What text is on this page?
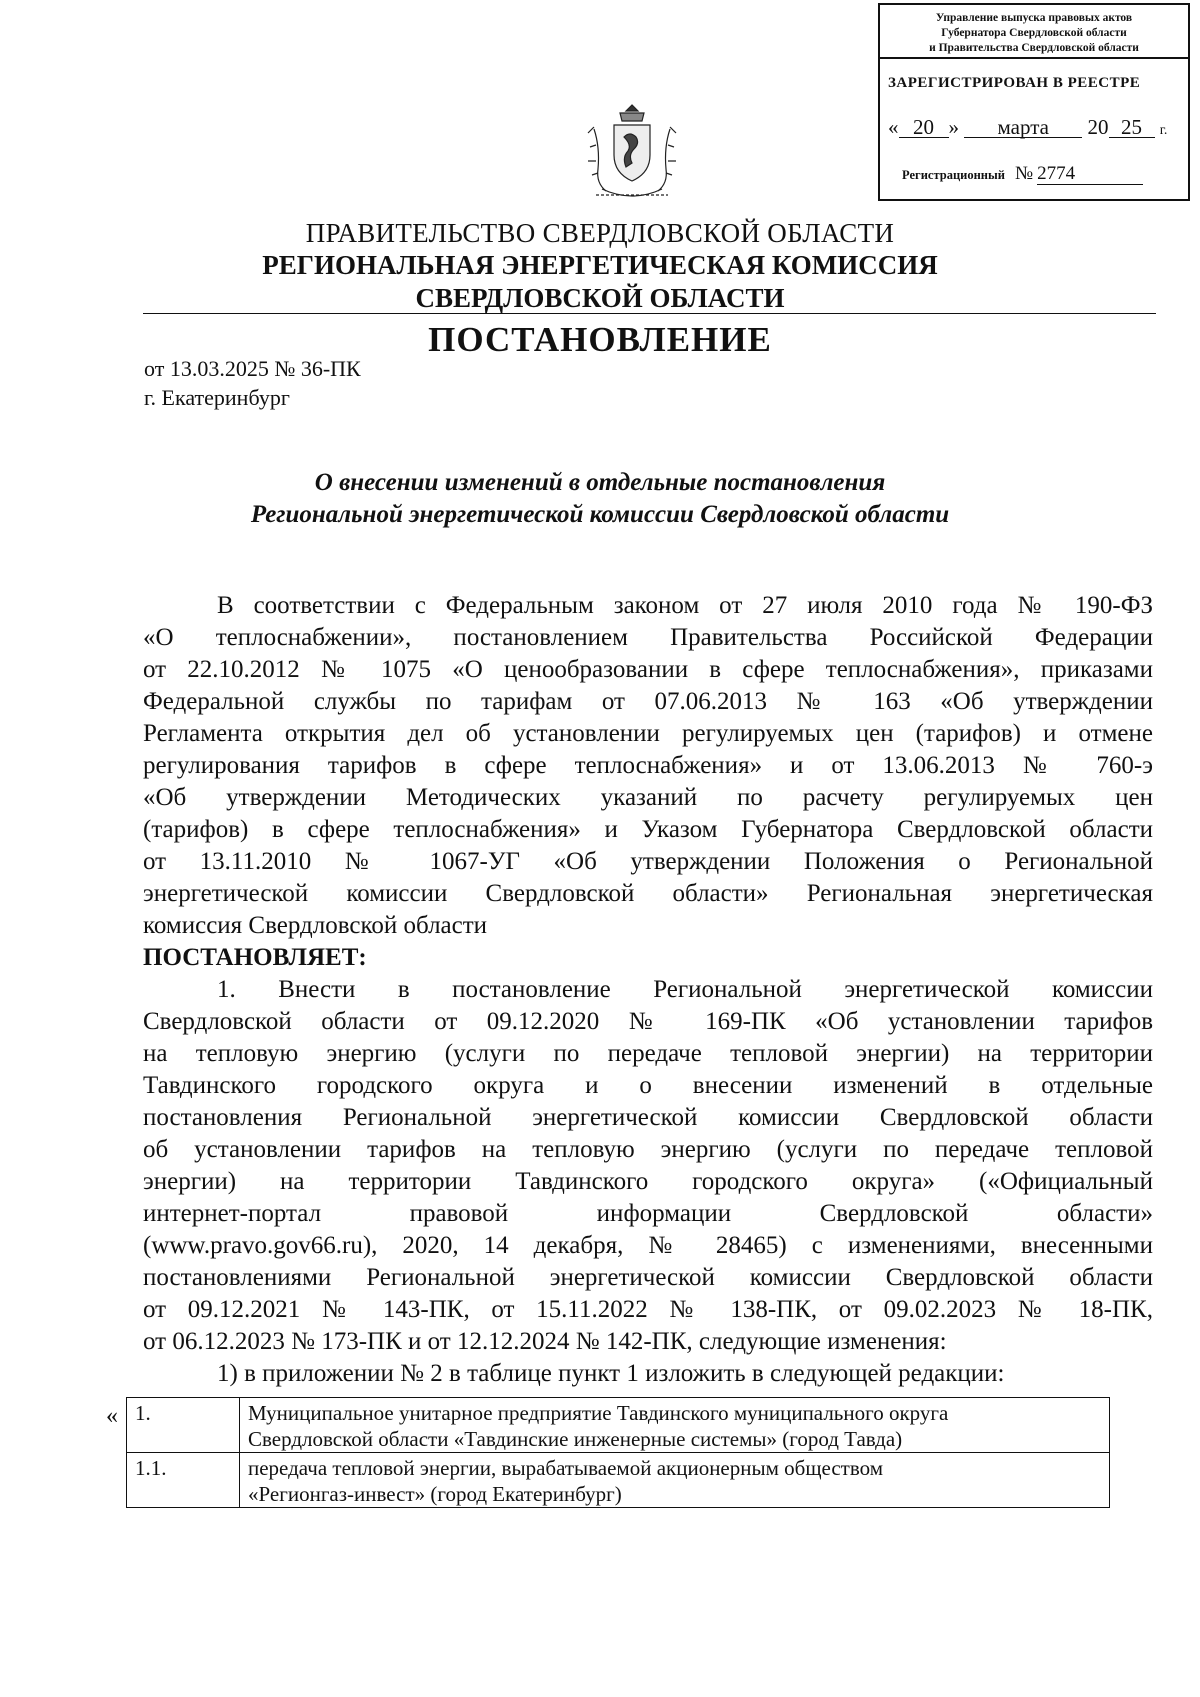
Управление выпуска правовых актов
Губернатора Свердловской области
и Правительства Свердловской области
ЗАРЕГИСТРИРОВАН В РЕЕСТРЕ
« 20 » марта 20 25 г.
Регистрационный № 2774
ПРАВИТЕЛЬСТВО СВЕРДЛОВСКОЙ ОБЛАСТИ
РЕГИОНАЛЬНАЯ ЭНЕРГЕТИЧЕСКАЯ КОМИССИЯ
СВЕРДЛОВСКОЙ ОБЛАСТИ
ПОСТАНОВЛЕНИЕ
от 13.03.2025 № 36-ПК
г. Екатеринбург
О внесении изменений в отдельные постановления
Региональной энергетической комиссии Свердловской области

В соответствии с Федеральным законом от 27 июля 2010 года № 190-ФЗ

«О теплоснабжении», постановлением Правительства Российской Федерации

от 22.10.2012 № 1075 «О ценообразовании в сфере теплоснабжения», приказами

Федеральной службы по тарифам от 07.06.2013 № 163 «Об утверждении

Регламента открытия дел об установлении регулируемых цен (тарифов) и отмене

регулирования тарифов в сфере теплоснабжения» и от 13.06.2013 № 760-э

«Об утверждении Методических указаний по расчету регулируемых цен

(тарифов) в сфере теплоснабжения» и Указом Губернатора Свердловской области

от 13.11.2010 № 1067-УГ «Об утверждении Положения о Региональной

энергетической комиссии Свердловской области» Региональная энергетическая

комиссия Свердловской области

ПОСТАНОВЛЯЕТ:

1. Внести в постановление Региональной энергетической комиссии

Свердловской области от 09.12.2020 № 169-ПК «Об установлении тарифов

на тепловую энергию (услуги по передаче тепловой энергии) на территории

Тавдинского городского округа и о внесении изменений в отдельные

постановления Региональной энергетической комиссии Свердловской области

об установлении тарифов на тепловую энергию (услуги по передаче тепловой

энергии) на территории Тавдинского городского округа» («Официальный

интернет-портал правовой информации Свердловской области»

(www.pravo.gov66.ru), 2020, 14 декабря, № 28465) с изменениями, внесенными

постановлениями Региональной энергетической комиссии Свердловской области

от 09.12.2021 № 143-ПК, от 15.11.2022 № 138-ПК, от 09.02.2023 № 18-ПК,

от 06.12.2023 № 173-ПК и от 12.12.2024 № 142-ПК, следующие изменения:

1) в приложении № 2 в таблице пункт 1 изложить в следующей редакции:

« 1.	Муниципальное унитарное предприятие Тавдинского муниципального округа
Свердловской области «Тавдинские инженерные системы» (город Тавда)

1.1.	передача тепловой энергии, вырабатываемой акционерным обществом
«Регионгаз-инвест» (город Екатеринбург)
